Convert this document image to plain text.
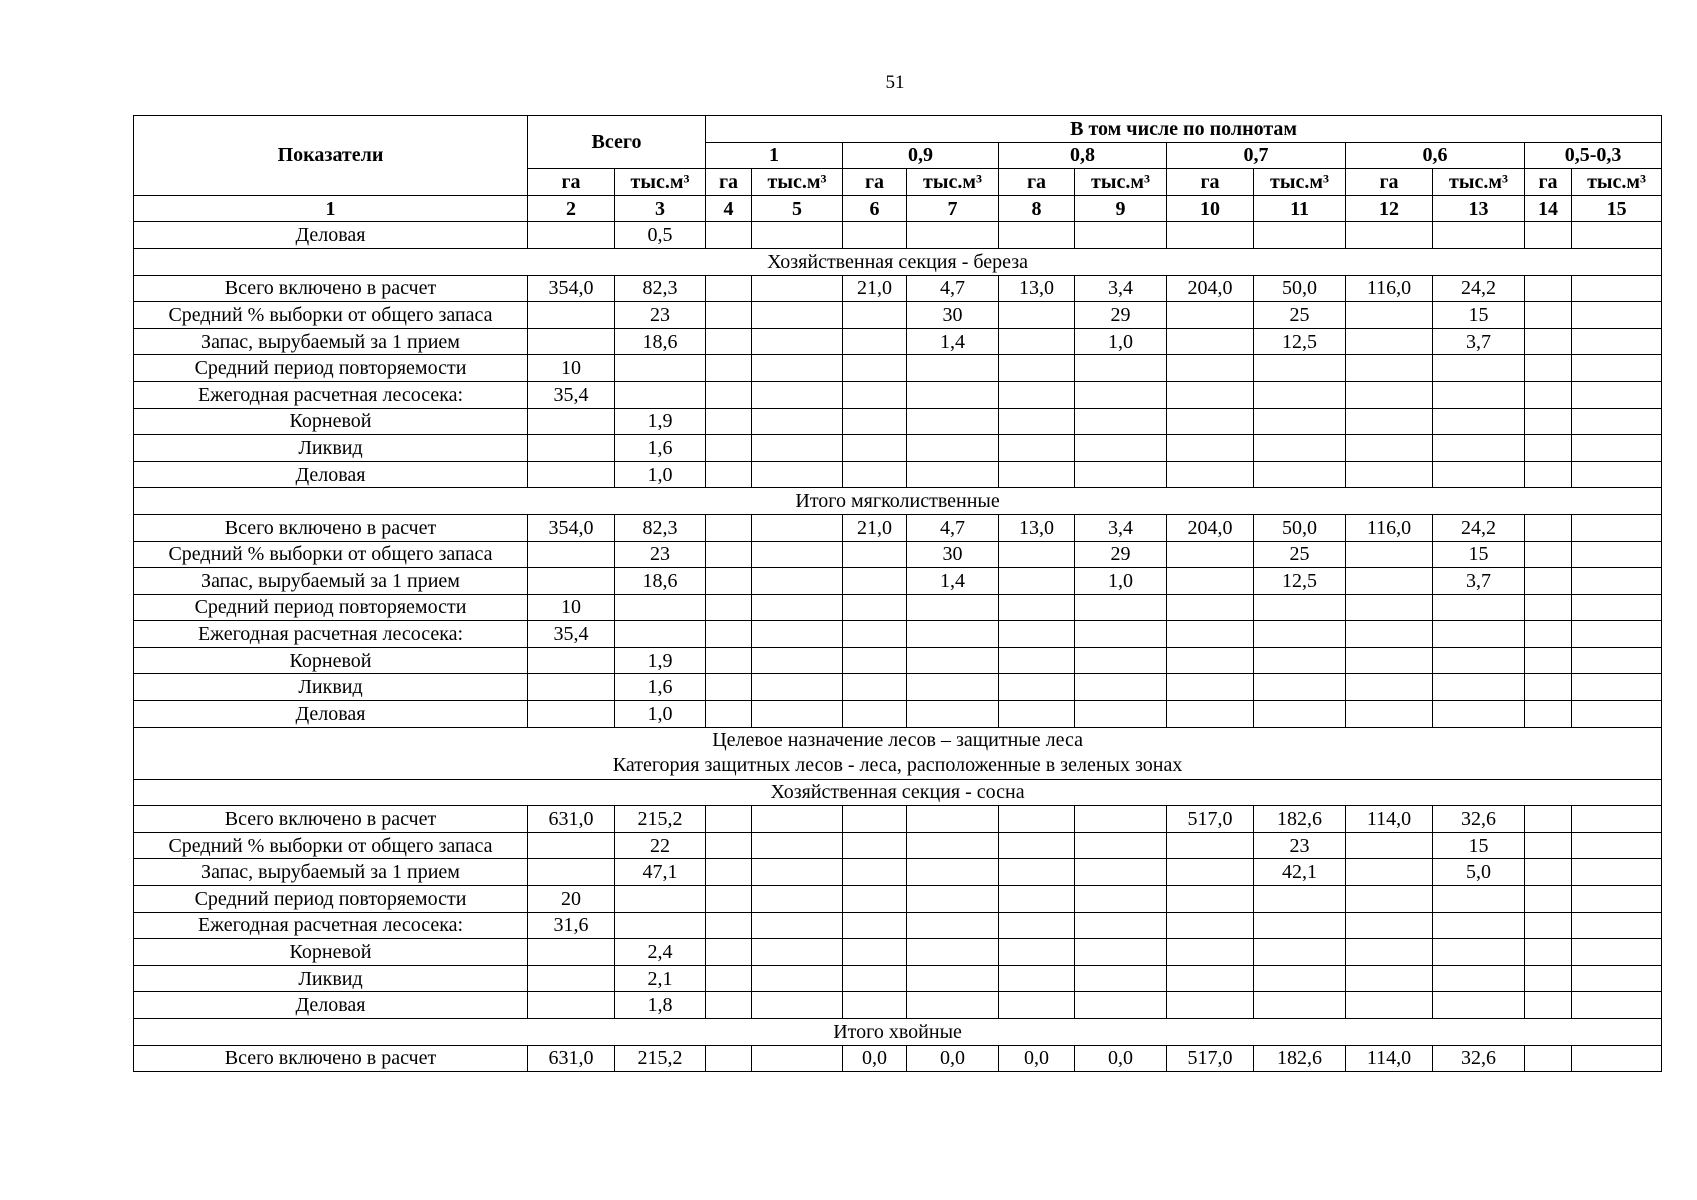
51
Показатели	Всего		В том числе по полнотам											
			1		0,9		0,8		0,7		0,6		0,5-0,3	
	га	тыс.м³	га	тыс.м³	га	тыс.м³	га	тыс.м³	га	тыс.м³	га	тыс.м³	га	тыс.м³
1	2	3	4	5	6	7	8	9	10	11	12	13	14	15
Деловая		0,5												
Хозяйственная секция - береза														
Всего включено в расчет	354,0	82,3			21,0	4,7	13,0	3,4	204,0	50,0	116,0	24,2		
Средний % выборки от общего запаса		23				30		29		25		15		
Запас, вырубаемый за 1 прием		18,6				1,4		1,0		12,5		3,7		
Средний период повторяемости	10													
Ежегодная расчетная лесосека:	35,4													
Корневой		1,9												
Ликвид		1,6												
Деловая		1,0												
Итого мягколиственные														
Всего включено в расчет	354,0	82,3			21,0	4,7	13,0	3,4	204,0	50,0	116,0	24,2		
Средний % выборки от общего запаса		23				30		29		25		15		
Запас, вырубаемый за 1 прием		18,6				1,4		1,0		12,5		3,7		
Средний период повторяемости	10													
Ежегодная расчетная лесосека:	35,4													
Корневой		1,9												
Ликвид		1,6												
Деловая		1,0												

Целевое назначение лесов – защитные леса
Категория защитных лесов - леса, расположенные в зеленых зонах														

Хозяйственная секция - сосна														
Всего включено в расчет	631,0	215,2							517,0	182,6	114,0	32,6		
Средний % выборки от общего запаса		22								23		15		
Запас, вырубаемый за 1 прием		47,1								42,1		5,0		
Средний период повторяемости	20													
Ежегодная расчетная лесосека:	31,6													
Корневой		2,4												
Ликвид		2,1												
Деловая		1,8												
Итого хвойные														
Всего включено в расчет	631,0	215,2			0,0	0,0	0,0	0,0	517,0	182,6	114,0	32,6		
